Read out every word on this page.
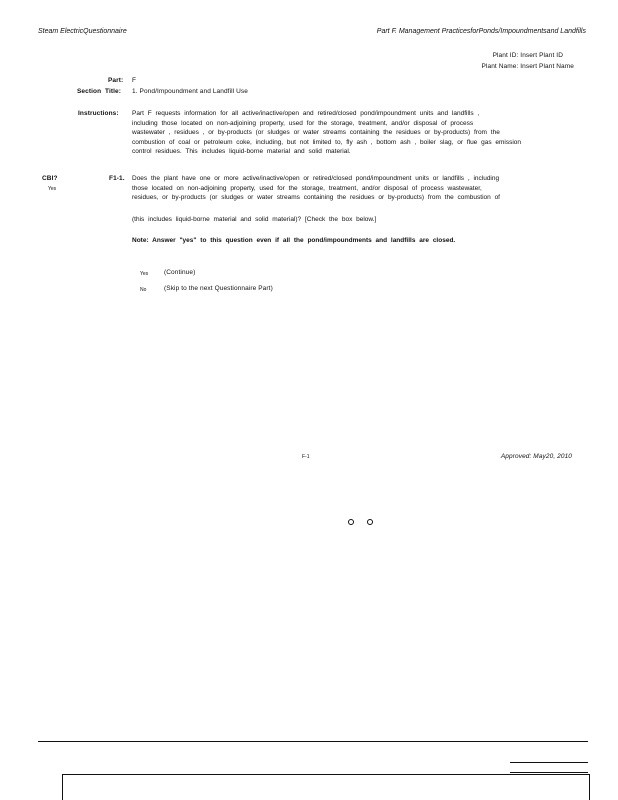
Steam ElectricQuestionnaire	Part F. Management PracticesforPonds/Impoundmentsand Landfills
Plant ID: Insert Plant ID
Plant Name: Insert Plant Name
Part: F
Section Title: 1. Pond/Impoundment and Landfill Use
Instructions: Part F requests information for all active/inactive/open and retired/closed pond/impoundment units and landfills ,
including those located on non-adjoining property, used for the storage, treatment, and/or disposal of process
wastewater , residues , or by-products (or sludges or water streams containing the residues or by-products) from the
combustion of coal or petroleum coke, including, but not limited to, fly ash , bottom ash , boiler slag, or flue gas emission
control residues. This includes liquid-borne material and solid material.
CBI?
Yes
F1-1. Does the plant have one or more active/inactive/open or retired/closed pond/impoundment units or landfills , including
those located on non-adjoining property, used for the storage, treatment, and/or disposal of process wastewater,
residues, or by-products (or sludges or water streams containing the residues or by-products) from the combustion of
(this includes liquid-borne material and solid material)? [Check the box below.]
Note: Answer "yes" to this question even if all the pond/impoundments and landfills are closed.
Yes (Continue)
No	(Skip to the next Questionnaire Part)
F-1	Approved: May20, 2010
